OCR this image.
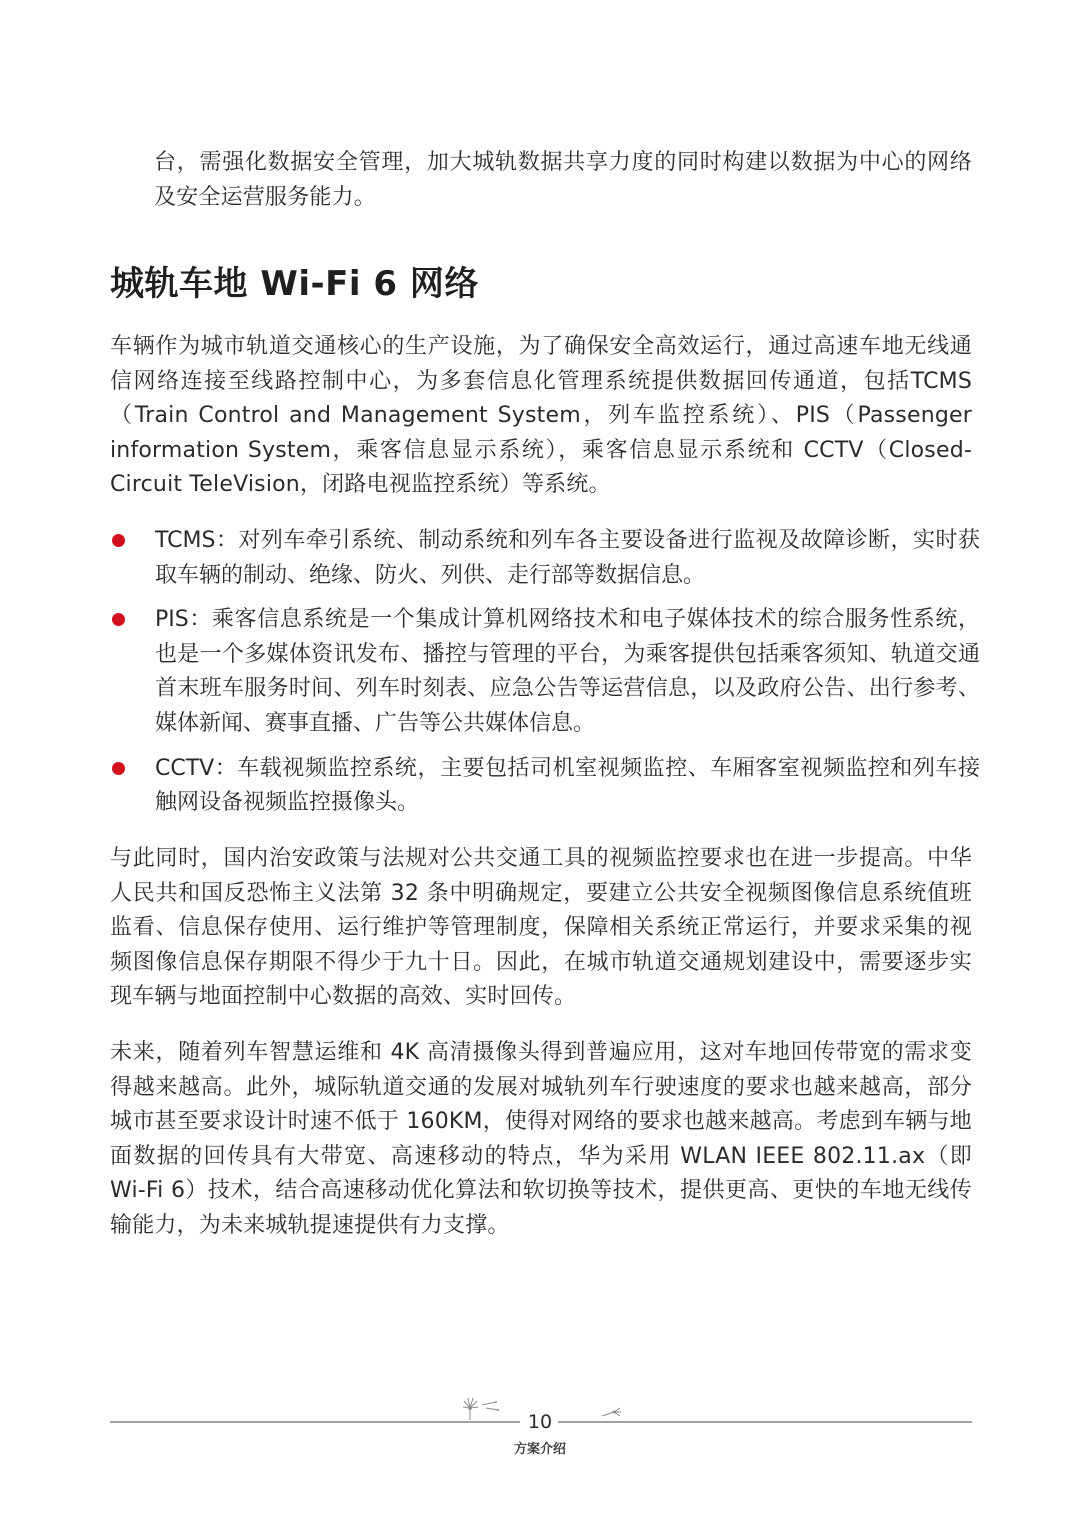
台，需强化数据安全管理，加大城轨数据共享力度的同时构建以数据为中心的网络及安全运营服务能力。

城轨车地 Wi-Fi 6 网络

车辆作为城市轨道交通核心的生产设施，为了确保安全高效运行，通过高速车地无线通信网络连接至线路控制中心，为多套信息化管理系统提供数据回传通道，包括TCMS（Train Control and Management System，列车监控系统）、PIS（Passenger information System，乘客信息显示系统），乘客信息显示系统和 CCTV（Closed-Circuit TeleVision，闭路电视监控系统）等系统。

TCMS：对列车牵引系统、制动系统和列车各主要设备进行监视及故障诊断，实时获取车辆的制动、绝缘、防火、列供、走行部等数据信息。
PIS：乘客信息系统是一个集成计算机网络技术和电子媒体技术的综合服务性系统，也是一个多媒体资讯发布、播控与管理的平台，为乘客提供包括乘客须知、轨道交通首末班车服务时间、列车时刻表、应急公告等运营信息，以及政府公告、出行参考、媒体新闻、赛事直播、广告等公共媒体信息。
CCTV：车载视频监控系统，主要包括司机室视频监控、车厢客室视频监控和列车接触网设备视频监控摄像头。

与此同时，国内治安政策与法规对公共交通工具的视频监控要求也在进一步提高。中华人民共和国反恐怖主义法第 32 条中明确规定，要建立公共安全视频图像信息系统值班监看、信息保存使用、运行维护等管理制度，保障相关系统正常运行，并要求采集的视频图像信息保存期限不得少于九十日。因此，在城市轨道交通规划建设中，需要逐步实现车辆与地面控制中心数据的高效、实时回传。

未来，随着列车智慧运维和 4K 高清摄像头得到普遍应用，这对车地回传带宽的需求变得越来越高。此外，城际轨道交通的发展对城轨列车行驶速度的要求也越来越高，部分城市甚至要求设计时速不低于 160KM，使得对网络的要求也越来越高。考虑到车辆与地面数据的回传具有大带宽、高速移动的特点，华为采用 WLAN IEEE 802.11.ax（即 Wi-Fi 6）技术，结合高速移动优化算法和软切换等技术，提供更高、更快的车地无线传输能力，为未来城轨提速提供有力支撑。

10
方案介绍
